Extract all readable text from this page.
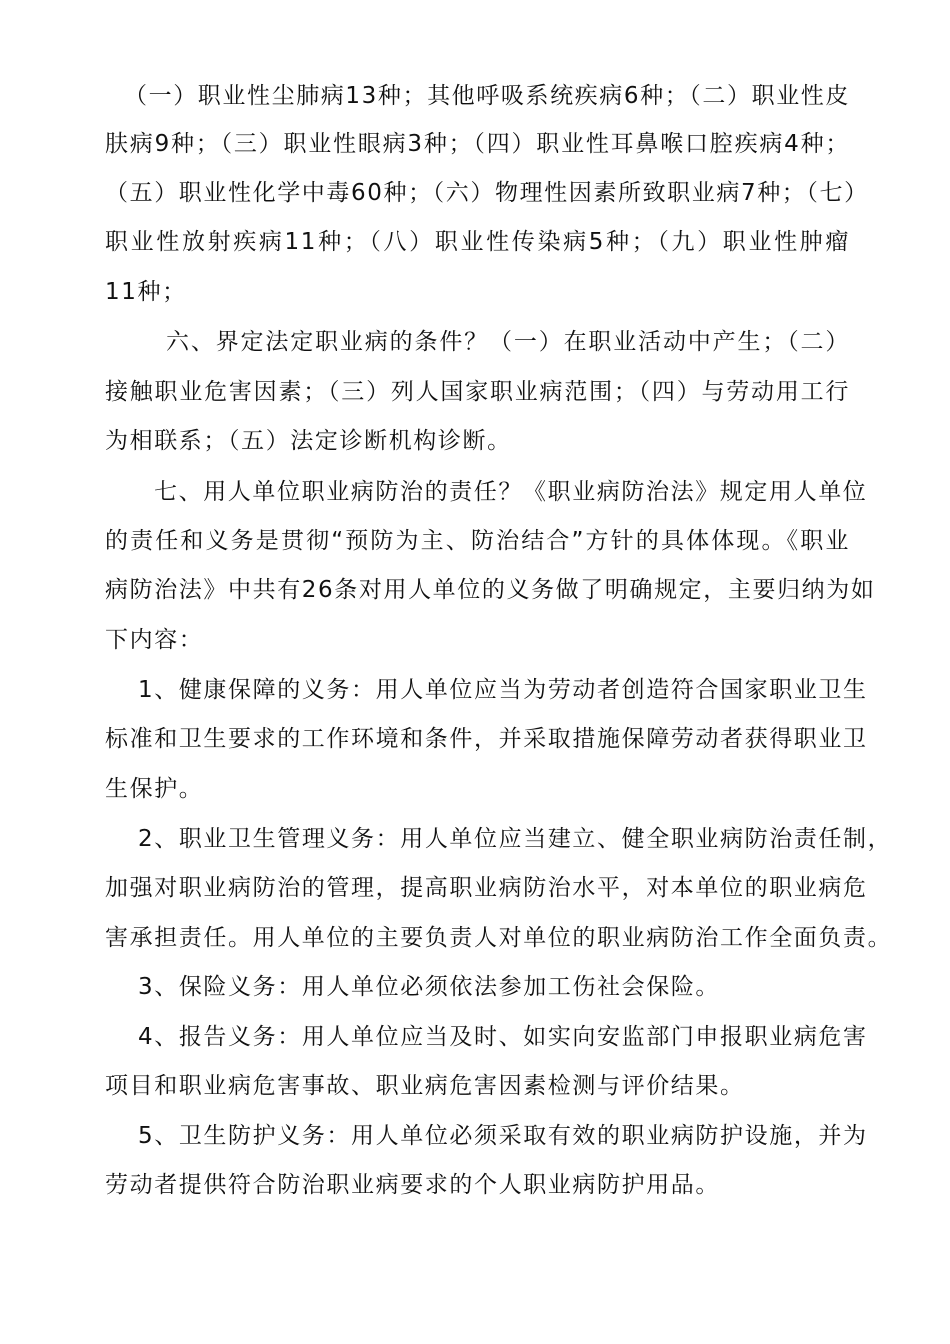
（一）职业性尘肺病13种；其他呼吸系统疾病6种；（二）职业性皮
肤病9种；（三）职业性眼病3种；（四）职业性耳鼻喉口腔疾病4种；
（五）职业性化学中毒60种；（六）物理性因素所致职业病7种；（七）
职业性放射疾病11种；（八）职业性传染病5种；（九）职业性肿瘤
11种；
六、界定法定职业病的条件？（一）在职业活动中产生；（二）
接触职业危害因素；（三）列人国家职业病范围；（四）与劳动用工行
为相联系；（五）法定诊断机构诊断。
七、用人单位职业病防治的责任？《职业病防治法》规定用人单位
的责任和义务是贯彻“预防为主、防治结合”方针的具体体现。《职业
病防治法》中共有26条对用人单位的义务做了明确规定，主要归纳为如
下内容：
1、健康保障的义务：用人单位应当为劳动者创造符合国家职业卫生
标准和卫生要求的工作环境和条件，并采取措施保障劳动者获得职业卫
生保护。
2、职业卫生管理义务：用人单位应当建立、健全职业病防治责任制，
加强对职业病防治的管理，提高职业病防治水平，对本单位的职业病危
害承担责任。用人单位的主要负责人对单位的职业病防治工作全面负责。
3、保险义务：用人单位必须依法参加工伤社会保险。
4、报告义务：用人单位应当及时、如实向安监部门申报职业病危害
项目和职业病危害事故、职业病危害因素检测与评价结果。
5、卫生防护义务：用人单位必须采取有效的职业病防护设施，并为
劳动者提供符合防治职业病要求的个人职业病防护用品。
